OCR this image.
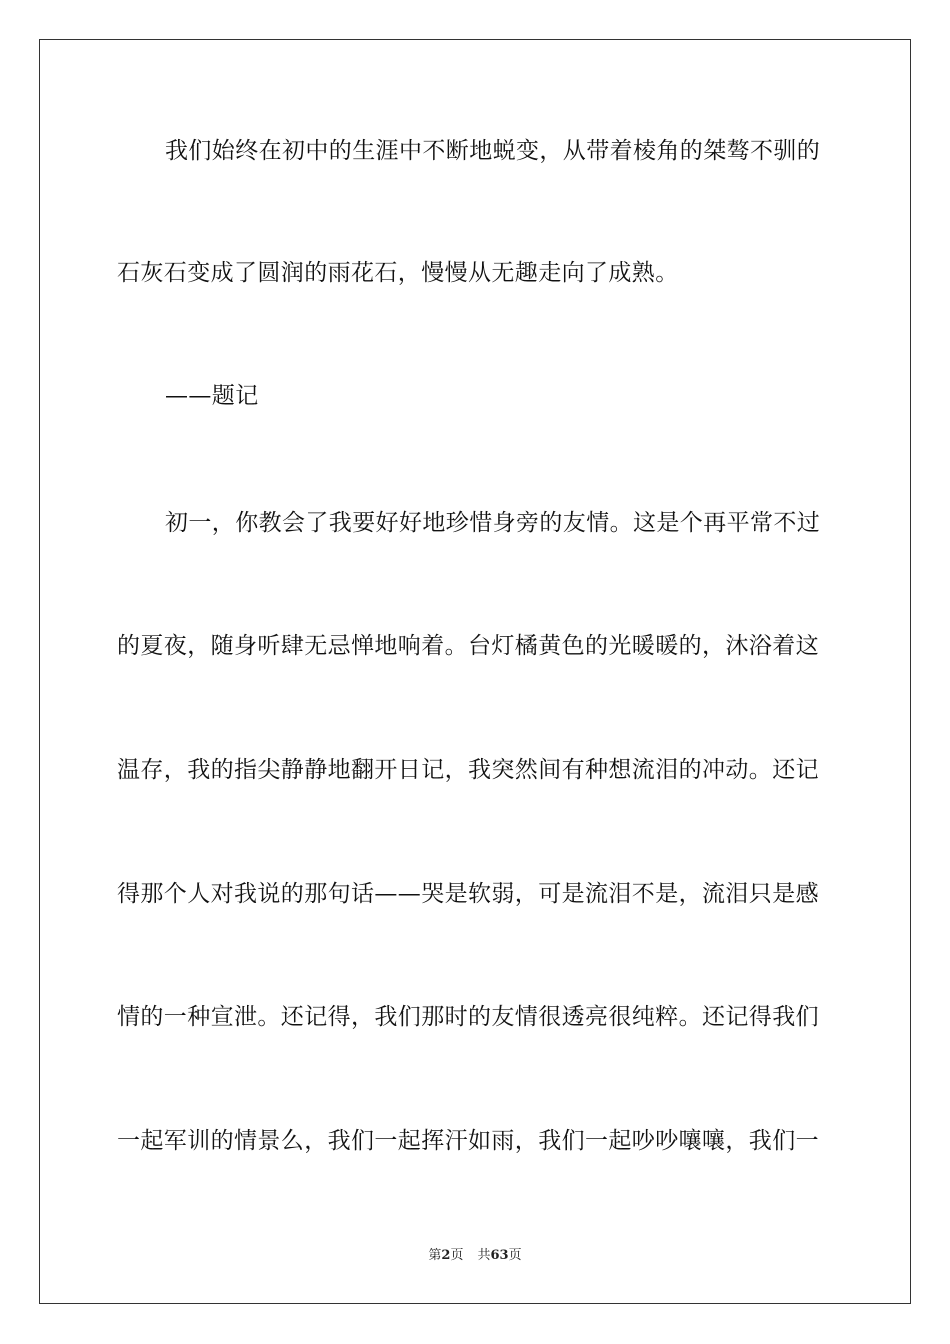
我们始终在初中的生涯中不断地蜕变，从带着棱角的桀骜不驯的
石灰石变成了圆润的雨花石，慢慢从无趣走向了成熟。
——题记
初一，你教会了我要好好地珍惜身旁的友情。这是个再平常不过
的夏夜，随身听肆无忌惮地响着。台灯橘黄色的光暖暖的，沐浴着这
温存，我的指尖静静地翻开日记，我突然间有种想流泪的冲动。还记
得那个人对我说的那句话——哭是软弱，可是流泪不是，流泪只是感
情的一种宣泄。还记得，我们那时的友情很透亮很纯粹。还记得我们
一起军训的情景么，我们一起挥汗如雨，我们一起吵吵嚷嚷，我们一
第2页 共63页
